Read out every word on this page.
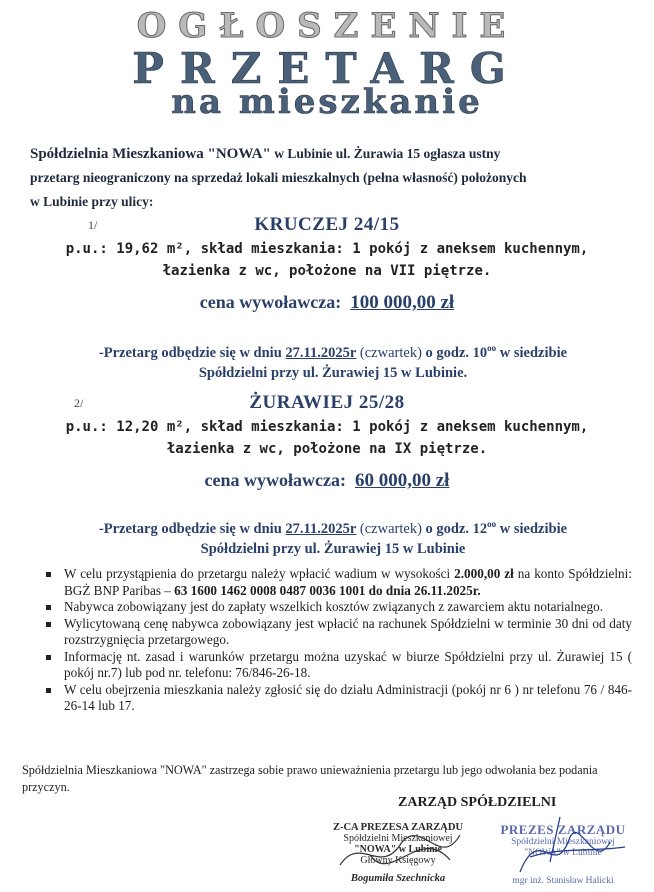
OGŁOSZENIE
PRZETARG
na mieszkanie
Spółdzielnia Mieszkaniowa "NOWA" w Lubinie ul. Żurawia 15 ogłasza ustny
przetarg nieograniczony na sprzedaż lokali mieszkalnych (pełna własność) położonych
w Lubinie przy ulicy:
1/	KRUCZEJ 24/15
p.u.: 19,62 m², skład mieszkania: 1 pokój z aneksem kuchennym,
łazienka z wc, położone na VII piętrze.
cena wywoławcza: 100 000,00 zł
-Przetarg odbędzie się w dniu 27.11.2025r (czwartek) o godz. $10^{oo}$ w siedzibie
Spółdzielni przy ul. Żurawiej 15 w Lubinie.
2/	ŻURAWIEJ 25/28
p.u.: 12,20 m², skład mieszkania: 1 pokój z aneksem kuchennym,
łazienka z wc, położone na IX piętrze.
cena wywoławcza: 60 000,00 zł
-Przetarg odbędzie się w dniu 27.11.2025r (czwartek) o godz. $12^{oo}$ w siedzibie
Spółdzielni przy ul. Żurawiej 15 w Lubinie
W celu przystąpienia do przetargu należy wpłacić wadium w wysokości 2.000,00 zł na konto Spółdzielni: BGŻ BNP Paribas – 63 1600 1462 0008 0487 0036 1001 do dnia 26.11.2025r.
Nabywca zobowiązany jest do zapłaty wszelkich kosztów związanych z zawarciem aktu notarialnego.
Wylicytowaną cenę nabywca zobowiązany jest wpłacić na rachunek Spółdzielni w terminie 30 dni od daty rozstrzygnięcia przetargowego.
Informację nt. zasad i warunków przetargu można uzyskać w biurze Spółdzielni przy ul. Żurawiej 15 ( pokój nr.7) lub pod nr. telefonu: 76/846-26-18.
W celu obejrzenia mieszkania należy zgłosić się do działu Administracji (pokój nr 6 ) nr telefonu 76 / 846-26-14 lub 17.
Spółdzielnia Mieszkaniowa "NOWA" zastrzega sobie prawo unieważnienia przetargu lub jego odwołania bez podania przyczyn.
ZARZĄD SPÓŁDZIELNI
Z-CA PREZESA ZARZĄDU
Spółdzielni Mieszkaniowej
"NOWA" w Lubinie
Główny Księgowy
Bogumiła Szechnicka
PREZES ZARZĄDU
Spółdzielni Mieszkaniowej
"NOWA" w Lubinie
mgr inż. Stanisław Halicki
